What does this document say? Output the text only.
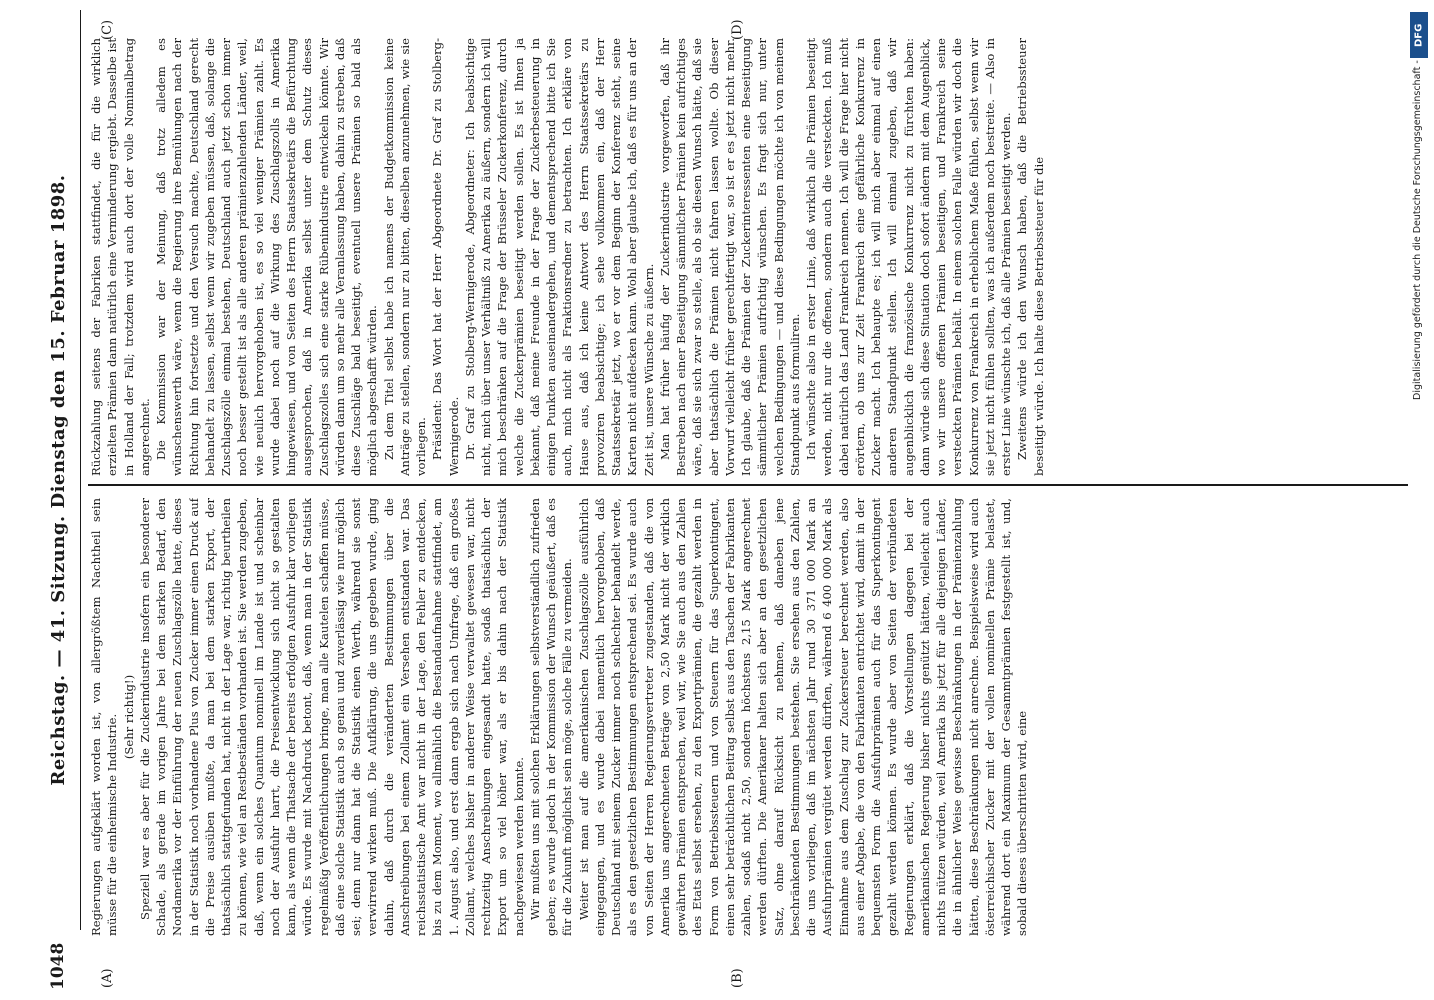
1048
Reichstag. — 41. Sitzung. Dienstag den 15. Februar 1898.
(A)	(B)
(C)	(D)

Regierungen aufgeklärt worden ist, von allergrößtem Nachtheil sein müsse für die einheimische Industrie. (Sehr richtig!) Speziell war es aber für die Zuckerindustrie insofern ein besonderer Schade, als gerade im vorigen Jahre bei dem starken Bedarf, den Nordamerika vor der Einführung der neuen Zuschlagszölle hatte, dieses in der Statistik noch vorhandene Plus von Zucker immer einen Druck auf die Preise ausüben mußte, da man bei dem starken Export, der thatsächlich stattgefunden hat, nicht in der Lage war, richtig beurtheilen zu können, wie viel an Restbeständen vorhanden ist. Sie werden zugeben, daß, wenn ein solches Quantum nominell im Lande ist und scheinbar noch der Ausfuhr harrt, die Preisentwicklung sich nicht so gestalten kann, als wenn die Thatsache der bereits erfolgten Ausfuhr klar vorliegen würde. Es wurde mit Nachdruck betont, daß, wenn man in der Statistik regelmäßig Veröffentlichungen bringe, man alle Kautelen schaffen müsse, daß eine solche Statistik auch so genau und zuverlässig wie nur möglich sei; denn nur dann hat die Statistik einen Werth, während sie sonst verwirrend wirken muß. Die Aufklärung, die uns gegeben wurde, ging dahin, daß durch die veränderten Bestimmungen über die Anschreibungen bei einem Zollamt ein Versehen entstanden war. Das reichsstatistische Amt war nicht in der Lage, den Fehler zu entdecken, bis zu dem Moment, wo allmählich die Bestandaufnahme stattfindet, am 1. August also, und erst dann ergab sich nach Umfrage, daß ein großes Zollamt, welches bisher in anderer Weise verwaltet gewesen war, nicht rechtzeitig Anschreibungen eingesandt hatte, sodaß thatsächlich der Export um so viel höher war, als er bis dahin nach der Statistik nachgewiesen werden konnte. Wir mußten uns mit solchen Erklärungen selbstverständlich zufrieden geben; es wurde jedoch in der Kommission der Wunsch geäußert, daß es für die Zukunft möglichst sein möge, solche Fälle zu vermeiden. Weiter ist man auf die amerikanischen Zuschlagszölle ausführlich eingegangen, und es wurde dabei namentlich hervorgehoben, daß Deutschland mit seinem Zucker immer noch schlechter behandelt werde, als es den gesetzlichen Bestimmungen entsprechend sei. Es wurde auch von Seiten der Herren Regierungsvertreter zugestanden, daß die von Amerika uns angerechneten Beträge von 2,50 Mark nicht der wirklich gewährten Prämien entsprechen, weil wir, wie Sie auch aus den Zahlen des Etats selbst ersehen, zu den Exportprämien, die gezahlt werden in Form von Betriebssteuern und von Steuern für das Superkontingent, einen sehr beträchtlichen Beitrag selbst aus den Taschen der Fabrikanten zahlen, sodaß nicht 2,50, sondern höchstens 2,15 Mark angerechnet werden dürften. Die Amerikaner halten sich aber an den gesetzlichen Satz, ohne darauf Rücksicht zu nehmen, daß daneben jene beschränkenden Bestimmungen bestehen. Sie ersehen aus den Zahlen, die uns vorliegen, daß im nächsten Jahr rund 30 371 000 Mark an Ausfuhrprämien vergütet werden dürften, während 6 400 000 Mark als Einnahme aus dem Zuschlag zur Zuckersteuer berechnet werden, also aus einer Abgabe, die von den Fabrikanten entrichtet wird, damit in der bequemsten Form die Ausfuhrprämien auch für das Superkontingent gezahlt werden können. Es wurde aber von Seiten der verbündeten Regierungen erklärt, daß die Vorstellungen dagegen bei der amerikanischen Regierung bisher nichts genützt hätten, vielleicht auch nichts nützen würden, weil Amerika bis jetzt für alle diejenigen Länder, die in ähnlicher Weise gewisse Beschränkungen in der Prämienzahlung hätten, diese Beschränkungen nicht anrechne. Beispielsweise wird auch österreichischer Zucker mit der vollen nominellen Prämie belastet, während dort ein Maximum der Gesammtprämien festgestellt ist, und, sobald dieses überschritten wird, eine

Rückzahlung seitens der Fabriken stattfindet, die für die wirklich erzielten Prämien dann natürlich eine Verminderung ergiebt. Dasselbe ist in Holland der Fall; trotzdem wird auch dort der volle Nominalbetrag angerechnet. Die Kommission war der Meinung, daß trotz alledem es wünschenswerth wäre, wenn die Regierung ihre Bemühungen nach der Richtung hin fortsetzte und den Versuch machte, Deutschland gerecht behandelt zu lassen, selbst wenn wir zugeben müssen, daß, solange die Zuschlagszölle einmal bestehen, Deutschland auch jetzt schon immer noch besser gestellt ist als alle anderen prämienzahlenden Länder, weil, wie neulich hervorgehoben ist, es so viel weniger Prämien zahlt. Es wurde dabei noch auf die Wirkung des Zuschlagszolls in Amerika hingewiesen, und von Seiten des Herrn Staatssekretärs die Befürchtung ausgesprochen, daß in Amerika selbst unter dem Schutz dieses Zuschlagszolles sich eine starke Rübenindustrie entwickeln könnte. Wir würden dann um so mehr alle Veranlassung haben, dahin zu streben, daß diese Zuschläge bald beseitigt, eventuell unsere Prämien so bald als möglich abgeschafft würden. Zu dem Titel selbst habe ich namens der Budgetkommission keine Anträge zu stellen, sondern nur zu bitten, dieselben anzunehmen, wie sie vorliegen. Präsident: Das Wort hat der Herr Abgeordnete Dr. Graf zu Stolberg-Wernigerode. Dr. Graf zu Stolberg-Wernigerode, Abgeordneter: Ich beabsichtige nicht, mich über unser Verhältniß zu Amerika zu äußern, sondern ich will mich beschränken auf die Frage der Brüsseler Zuckerkonferenz, durch welche die Zuckerprämien beseitigt werden sollen. Es ist Ihnen ja bekannt, daß meine Freunde in der Frage der Zuckerbesteuerung in einigen Punkten auseinandergehen, und dementsprechend bitte ich Sie auch, mich nicht als Fraktionsredner zu betrachten. Ich erkläre von Hause aus, daß ich keine Antwort des Herrn Staatssekretärs zu provoziren beabsichtige; ich sehe vollkommen ein, daß der Herr Staatssekretär jetzt, wo er vor dem Beginn der Konferenz steht, seine Karten nicht aufdecken kann. Wohl aber glaube ich, daß es für uns an der Zeit ist, unsere Wünsche zu äußern. Man hat früher häufig der Zuckerindustrie vorgeworfen, daß ihr Bestreben nach einer Beseitigung sämmtlicher Prämien kein aufrichtiges wäre, daß sie sich zwar so stelle, als ob sie diesen Wunsch hätte, daß sie aber thatsächlich die Prämien nicht fahren lassen wollte. Ob dieser Vorwurf vielleicht früher gerechtfertigt war, so ist er es jetzt nicht mehr. Ich glaube, daß die Prämien der Zuckerinteressenten eine Beseitigung sämmtlicher Prämien aufrichtig wünschen. Es fragt sich nur, unter welchen Bedingungen — und diese Bedingungen möchte ich von meinem Standpunkt aus formuliren. Ich wünschte also in erster Linie, daß wirklich alle Prämien beseitigt werden, nicht nur die offenen, sondern auch die versteckten. Ich muß dabei natürlich das Land Frankreich nennen. Ich will die Frage hier nicht erörtern, ob uns zur Zeit Frankreich eine gefährliche Konkurrenz in Zucker macht. Ich behaupte es; ich will mich aber einmal auf einen anderen Standpunkt stellen. Ich will einmal zugeben, daß wir augenblicklich die französische Konkurrenz nicht zu fürchten haben: dann würde sich diese Situation doch sofort ändern mit dem Augenblick, wo wir unsere offenen Prämien beseitigen, und Frankreich seine versteckten Prämien behält. In einem solchen Falle würden wir doch die Konkurrenz von Frankreich in erheblichem Maße fühlen, selbst wenn wir sie jetzt nicht fühlen sollten, was ich außerdem noch bestreite. — Also in erster Linie wünschte ich, daß alle Prämien beseitigt werden. Zweitens würde ich den Wunsch haben, daß die Betriebssteuer beseitigt würde. Ich halte diese Betriebssteuer für die

DFG
Digitalisierung gefördert durch die Deutsche Forschungsgemeinschaft -
